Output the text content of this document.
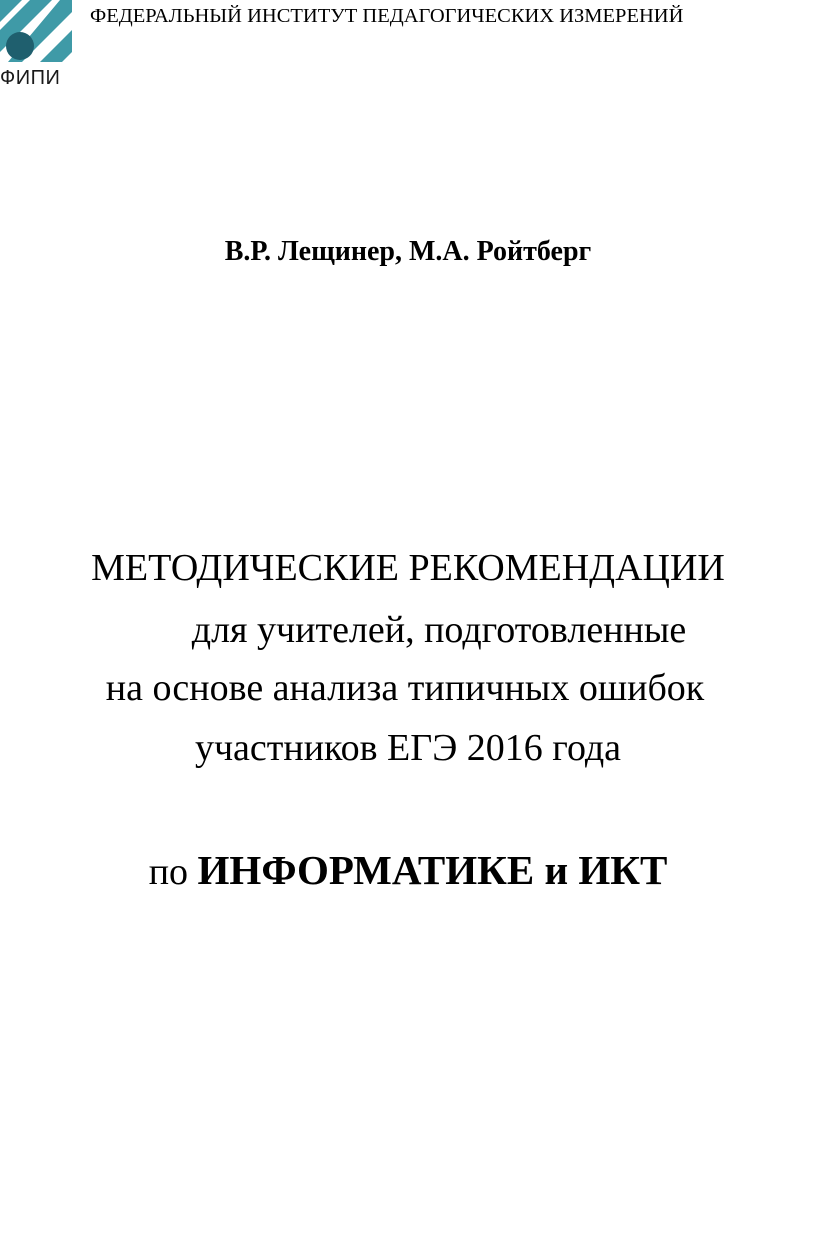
ФИПИ
ФЕДЕРАЛЬНЫЙ ИНСТИТУТ ПЕДАГОГИЧЕСКИХ ИЗМЕРЕНИЙ
В.Р. Лещинер, М.А. Ройтберг
МЕТОДИЧЕСКИЕ РЕКОМЕНДАЦИИ
для учителей, подготовленные
на основе анализа типичных ошибок
участников ЕГЭ 2016 года
по ИНФОРМАТИКЕ и ИКТ
